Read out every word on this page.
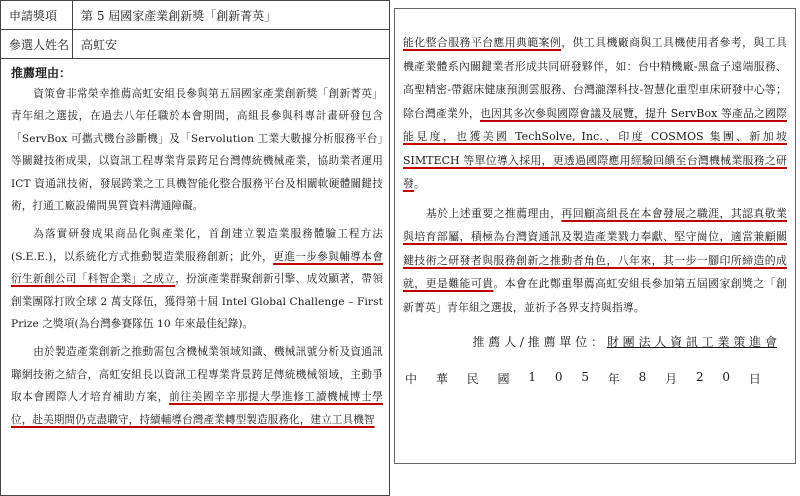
申請獎項	第 5 屆國家產業創新獎「創新菁英」
參選人姓名 高虹安
推薦理由：

資策會非常榮幸推薦高虹安組長參與第五屆國家產業創新獎「創新菁英」青年組之選拔，在過去八年任職於本會期間，高組長參與科專計畫研發包含「ServBox 可攜式機台診斷機」及「Servolution 工業大數據分析服務平台」等關鍵技術成果，以資訊工程專業背景跨足台灣傳統機械產業，協助業者運用 ICT 資通訊技術，發展跨業之工具機智能化整合服務平台及相關軟硬體關鍵技術，打通工廠設備間異質資料溝通障礙。

為落實研發成果商品化與產業化，首創建立製造業服務體驗工程方法 (S.E.E.)，以系統化方式推動製造業服務創新；此外，更進一步參與輔導本會衍生新創公司「科智企業」之成立，扮演產業群聚創新引擎、成效顯著，帶領創業團隊打敗全球 2 萬支隊伍，獲得第十屆 Intel Global Challenge – First Prize 之獎項(為台灣參賽隊伍 10 年來最佳紀錄)。

由於製造產業創新之推動需包含機械業領域知識、機械訊號分析及資通訊聯網技術之結合，高虹安組長以資訊工程專業背景跨足傳統機械領域，主動爭取本會國際人才培育補助方案，前往美國辛辛那提大學進修工讀機械博士學位，赴美期間仍克盡職守，持續輔導台灣產業轉型製造服務化，建立工具機智

能化整合服務平台應用典範案例，供工具機廠商與工具機使用者參考，與工具機產業體系內關鍵業者形成共同研發夥伴，如：台中精機廠-黑盒子遠端服務、高聖精密-帶鋸床健康預測雲服務、台灣瀧澤科技-智慧化重型車床研發中心等；除台灣產業外，也因其多次參與國際會議及展覽，提升 ServBox 等產品之國際能見度，也獲美國 TechSolve, Inc.、印度 COSMOS 集團、新加坡 SIMTECH 等單位導入採用，更透過國際應用經驗回饋至台灣機械業服務之研發。

基於上述重要之推薦理由，再回顧高組長在本會發展之職涯，其認真敬業與培育部屬，積極為台灣資通訊及製造產業戮力奉獻、堅守崗位，適當兼顧關鍵技術之研發者與服務創新之推動者角色，八年來，其一步一腳印所締造的成就，更是難能可貴。本會在此鄭重舉薦高虹安組長參加第五屆國家創獎之「創新菁英」青年組之選拔，並祈予各界支持與指導。

推 薦 人 / 推 薦 單 位 ： 財 團 法 人 資 訊 工 業 策 進 會
中 華 民 國 1 0 5 年 8 月 2 0 日
